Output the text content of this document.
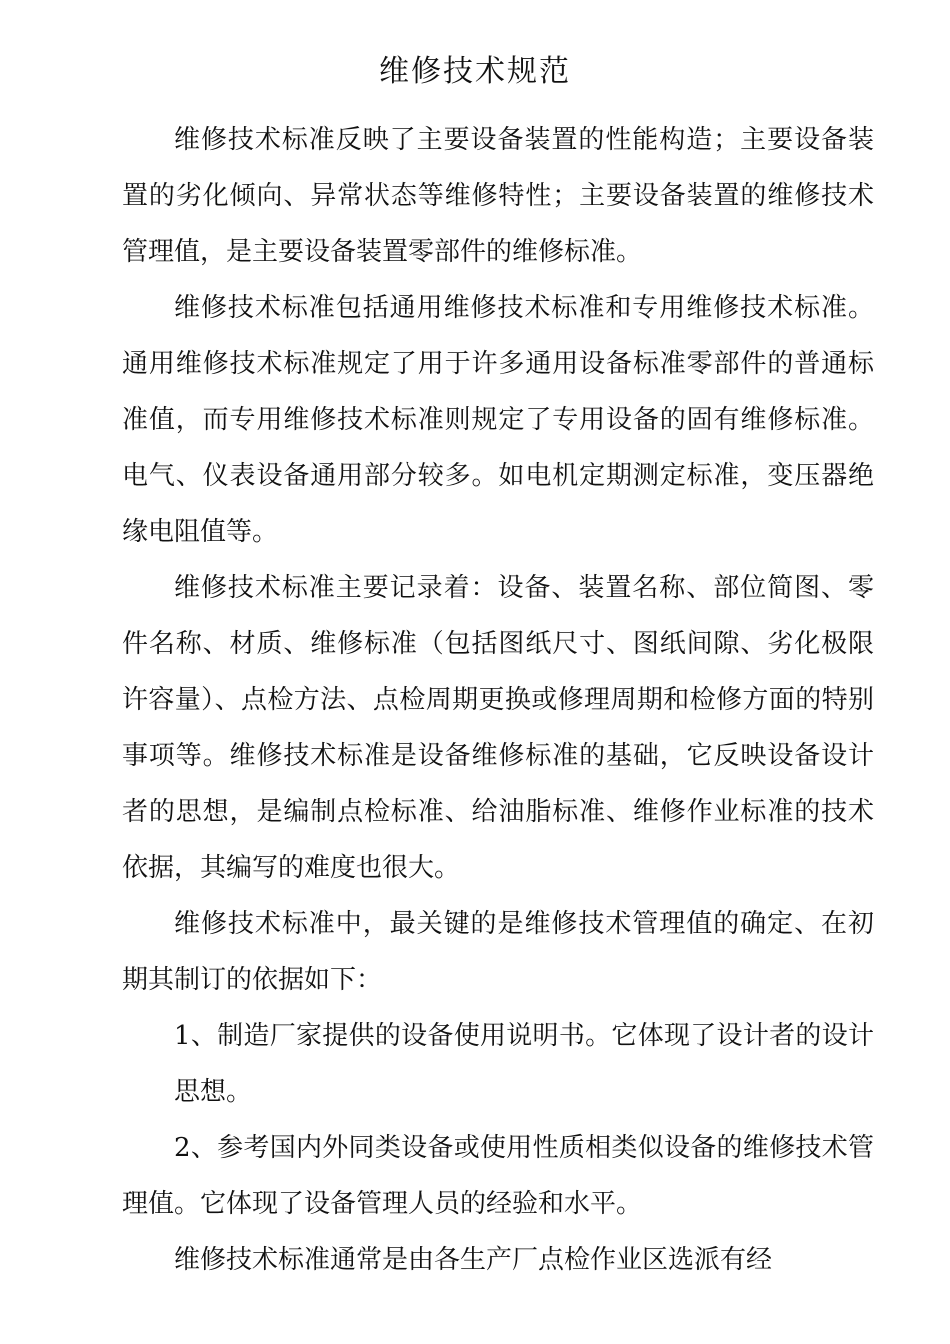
维修技术规范

维修技术标准反映了主要设备装置的性能构造；主要设备装置的劣化倾向、异常状态等维修特性；主要设备装置的维修技术管理值，是主要设备装置零部件的维修标准。

维修技术标准包括通用维修技术标准和专用维修技术标准。通用维修技术标准规定了用于许多通用设备标准零部件的普通标准值，而专用维修技术标准则规定了专用设备的固有维修标准。电气、仪表设备通用部分较多。如电机定期测定标准，变压器绝缘电阻值等。

维修技术标准主要记录着：设备、装置名称、部位简图、零件名称、材质、维修标准（包括图纸尺寸、图纸间隙、劣化极限许容量）、点检方法、点检周期更换或修理周期和检修方面的特别事项等。维修技术标准是设备维修标准的基础，它反映设备设计者的思想，是编制点检标准、给油脂标准、维修作业标准的技术依据，其编写的难度也很大。

维修技术标准中，最关键的是维修技术管理值的确定、在初期其制订的依据如下：

1、制造厂家提供的设备使用说明书。它体现了设计者的设计思想。

2、参考国内外同类设备或使用性质相类似设备的维修技术管理值。它体现了设备管理人员的经验和水平。

维修技术标准通常是由各生产厂点检作业区选派有经
